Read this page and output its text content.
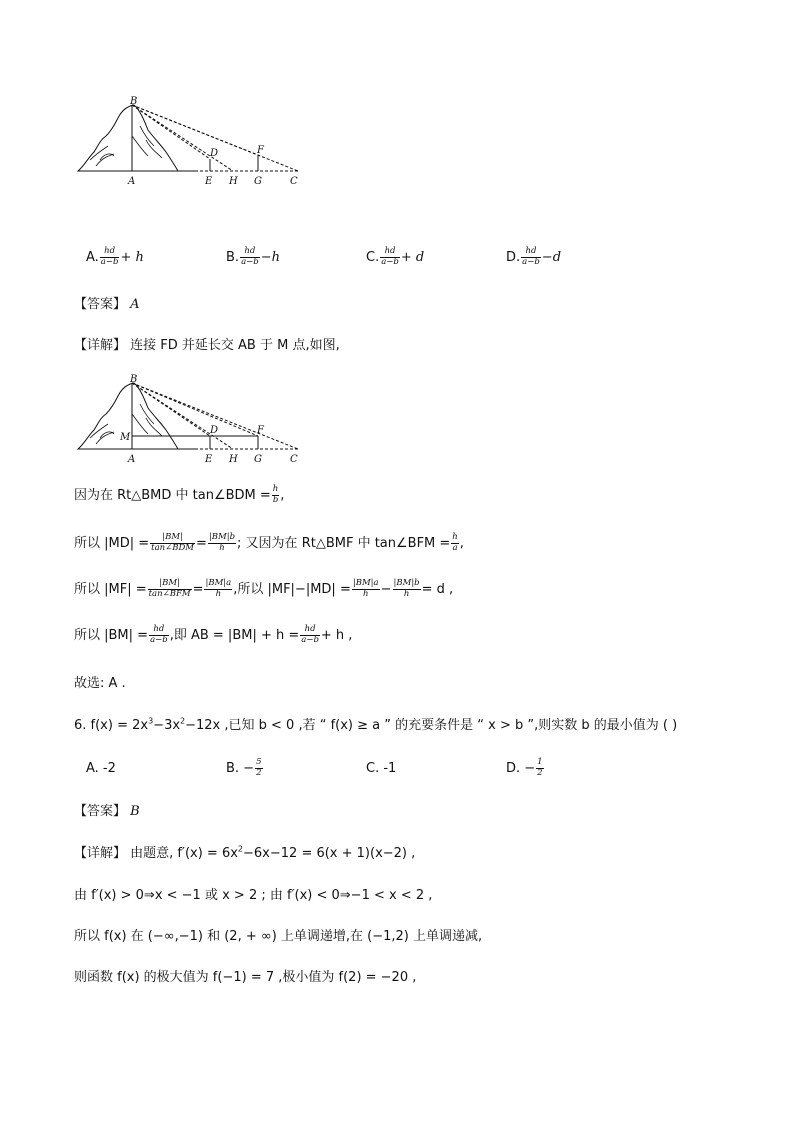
B
D	F
A	E H G	C
A. $\frac{hd}{a-b} + h$	B. $\frac{hd}{a-b} -h$	C. $\frac{hd}{a-b} + d$	D. $\frac{hd}{a-b} -d$
【答案】 A
【详解】 连接 FD 并延长交 AB 于 M 点,如图,
B
D	F
M
A	E H G	C
因为在 Rt△BMD 中 tan∠BDM = $\frac{h}{b}$ ,
所以 $|MD| = \frac{|BM|}{\text{tan∠BDM}} = \frac{|BM|b}{h}$ ; 又因为在 Rt△BMF 中 tan∠BFM = $\frac{h}{a}$ ,
所以 $|MF| = \frac{|BM|}{\text{tan∠BFM}} = \frac{|BM|a}{h}$ ,所以 $|MF|-|MD| = \frac{|BM|a}{h} - \frac{|BM|b}{h} = d$ ,
所以 $|BM| = \frac{hd}{a-b}$ ,即 AB = $|BM| + h = \frac{hd}{a-b} + h$ ,
故选: A .
6. $f(x) = 2x^3-3x^2-12x$ ,已知 b < 0 ,若 “ f(x) ≥ a ” 的充要条件是 “ x > b ”,则实数 b 的最小值为 ( )
A. -2	B. − $\frac{5}{2}$	C. -1	D. − $\frac{1}{2}$
【答案】 B
【详解】 由题意, $f'(x) = 6x^2-6x-12 = 6(x + 1)(x-2)$ ,
由 f′(x) > 0⇒x < −1 或 x > 2 ; 由 f′(x) < 0⇒−1 < x < 2 ,
所以 f(x) 在 (−∞,−1) 和 (2, + ∞) 上单调递增,在 (−1,2) 上单调递减,
则函数 f(x) 的极大值为 f(−1) = 7 ,极小值为 f(2) = −20 ,
